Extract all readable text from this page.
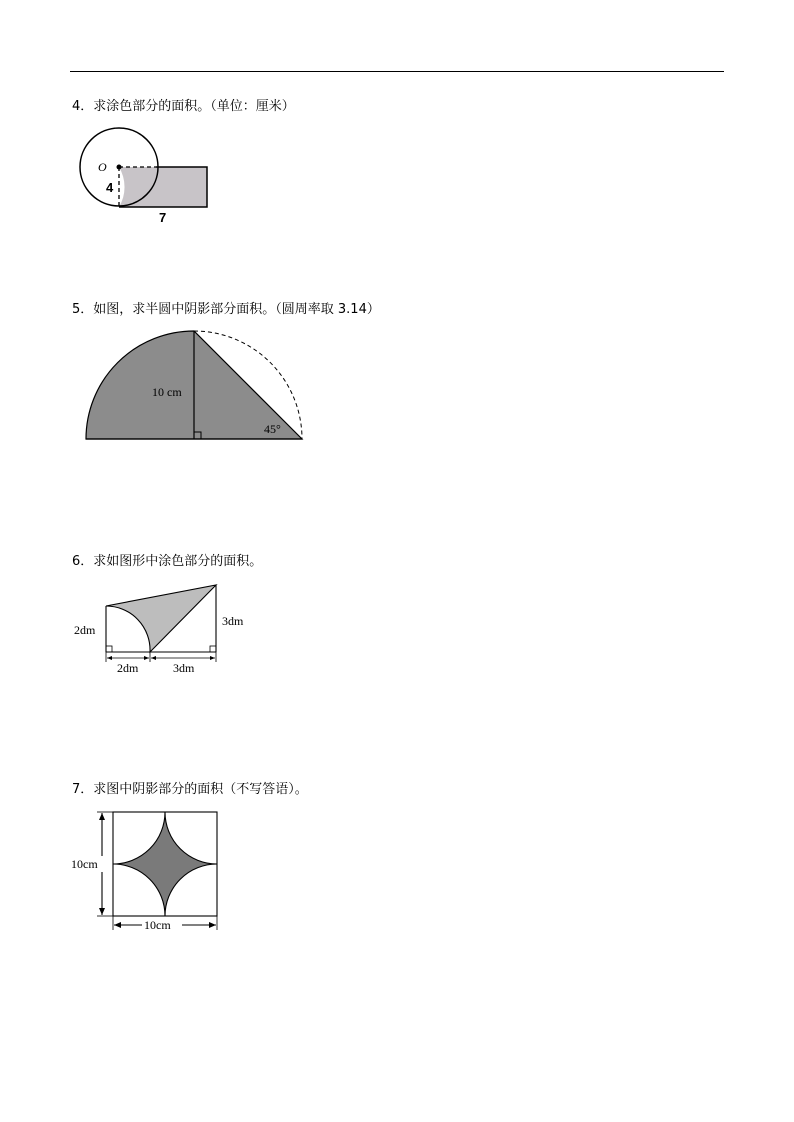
4．求涂色部分的面积。（单位：厘米）
O
4
7
5．如图，求半圆中阴影部分面积。（圆周率取 3.14）
10 cm
45°
6．求如图形中涂色部分的面积。
2dm
3dm
2dm	3dm
7．求图中阴影部分的面积（不写答语）。
10cm
10cm
